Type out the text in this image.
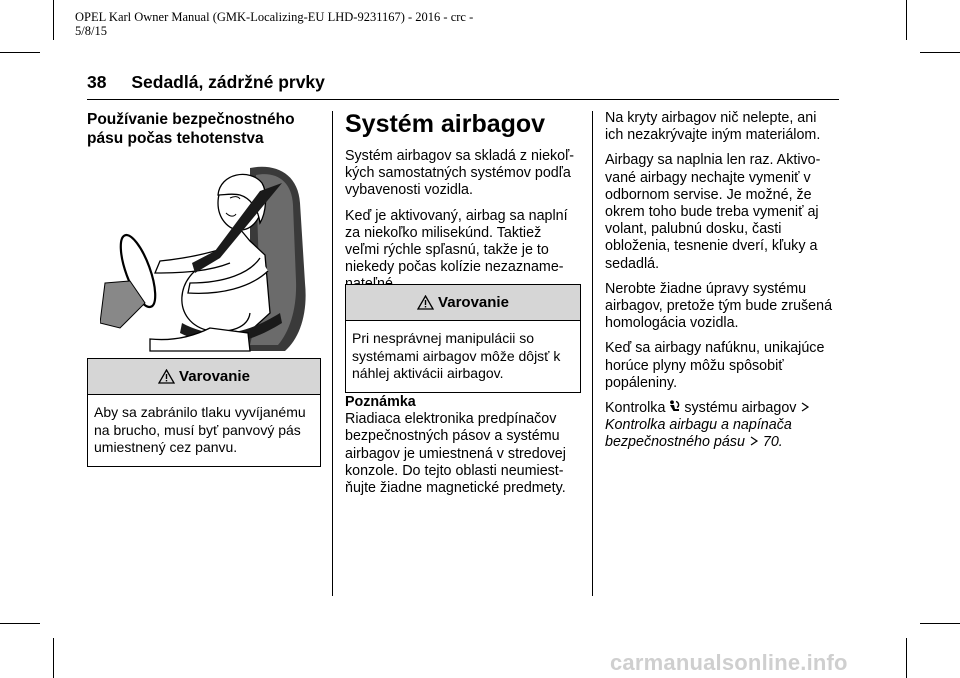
OPEL Karl Owner Manual (GMK-Localizing-EU LHD-9231167) - 2016 - crc -
5/8/15
38 Sedadlá, zádržné prvky
Používanie bezpečnostného
pásu počas tehotenstva
Varovanie
Aby sa zabránilo tlaku vyvíjanému
na brucho, musí byť panvový pás
umiestnený cez panvu.
Systém airbagov

Systém airbagov sa skladá z niekoľ-
kých samostatných systémov podľa
vybavenosti vozidla.

Keď je aktivovaný, airbag sa naplní
za niekoľko milisekúnd. Taktiež
veľmi rýchle spľasnú, takže je to
niekedy počas kolízie nezazname-

Varovanie
Pri nesprávnej manipulácii so
systémami airbagov môže dôjsť k
náhlej aktivácii airbagov.
Poznámka
Riadiaca elektronika predpínačov
bezpečnostných pásov a systému
airbagov je umiestnená v stredovej
konzole. Do tejto oblasti neumiest-
ňujte žiadne magnetické predmety.

Na kryty airbagov nič nelepte, ani
ich nezakrývajte iným materiálom.

Airbagy sa naplnia len raz. Aktivo-
vané airbagy nechajte vymeniť v
odbornom servise. Je možné, že
okrem toho bude treba vymeniť aj
volant, palubnú dosku, časti
obloženia, tesnenie dverí, kľuky a
sedadlá.

Nerobte žiadne úpravy systému
airbagov, pretože tým bude zrušená
homologácia vozidla.

Keď sa airbagy nafúknu, unikajúce
horúce plyny môžu spôsobiť
popáleniny.

Kontrolka systému airbagov
Kontrolka airbagu a napínača
bezpečnostného pásu 70.

carmanualsonline.info
